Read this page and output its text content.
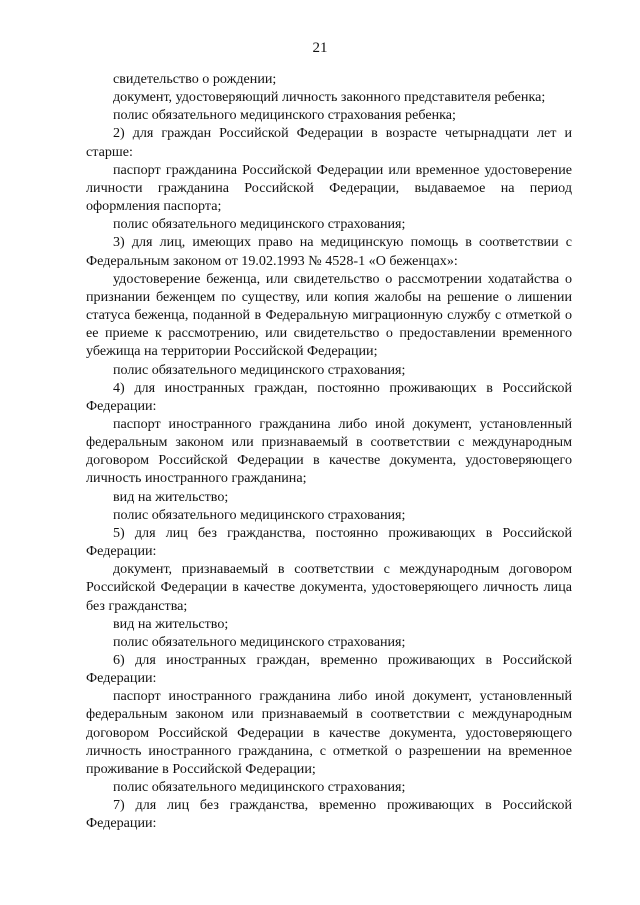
21

свидетельство о рождении;

документ, удостоверяющий личность законного представителя ребенка;

полис обязательного медицинского страхования ребенка;

2) для граждан Российской Федерации в возрасте четырнадцати лет и старше:

паспорт гражданина Российской Федерации или временное удостоверение личности гражданина Российской Федерации, выдаваемое на период оформления паспорта;

полис обязательного медицинского страхования;

3) для лиц, имеющих право на медицинскую помощь в соответствии с Федеральным законом от 19.02.1993 № 4528-1 «О беженцах»:

удостоверение беженца, или свидетельство о рассмотрении ходатайства о признании беженцем по существу, или копия жалобы на решение о лишении статуса беженца, поданной в Федеральную миграционную службу с отметкой о ее приеме к рассмотрению, или свидетельство о предоставлении временного убежища на территории Российской Федерации;

полис обязательного медицинского страхования;

4) для иностранных граждан, постоянно проживающих в Российской Федерации:

паспорт иностранного гражданина либо иной документ, установленный федеральным законом или признаваемый в соответствии с международным договором Российской Федерации в качестве документа, удостоверяющего личность иностранного гражданина;

вид на жительство;

полис обязательного медицинского страхования;

5) для лиц без гражданства, постоянно проживающих в Российской Федерации:

документ, признаваемый в соответствии с международным договором Российской Федерации в качестве документа, удостоверяющего личность лица без гражданства;

вид на жительство;

полис обязательного медицинского страхования;

6) для иностранных граждан, временно проживающих в Российской Федерации:

паспорт иностранного гражданина либо иной документ, установленный федеральным законом или признаваемый в соответствии с международным договором Российской Федерации в качестве документа, удостоверяющего личность иностранного гражданина, с отметкой о разрешении на временное проживание в Российской Федерации;

полис обязательного медицинского страхования;

7) для лиц без гражданства, временно проживающих в Российской Федерации:
